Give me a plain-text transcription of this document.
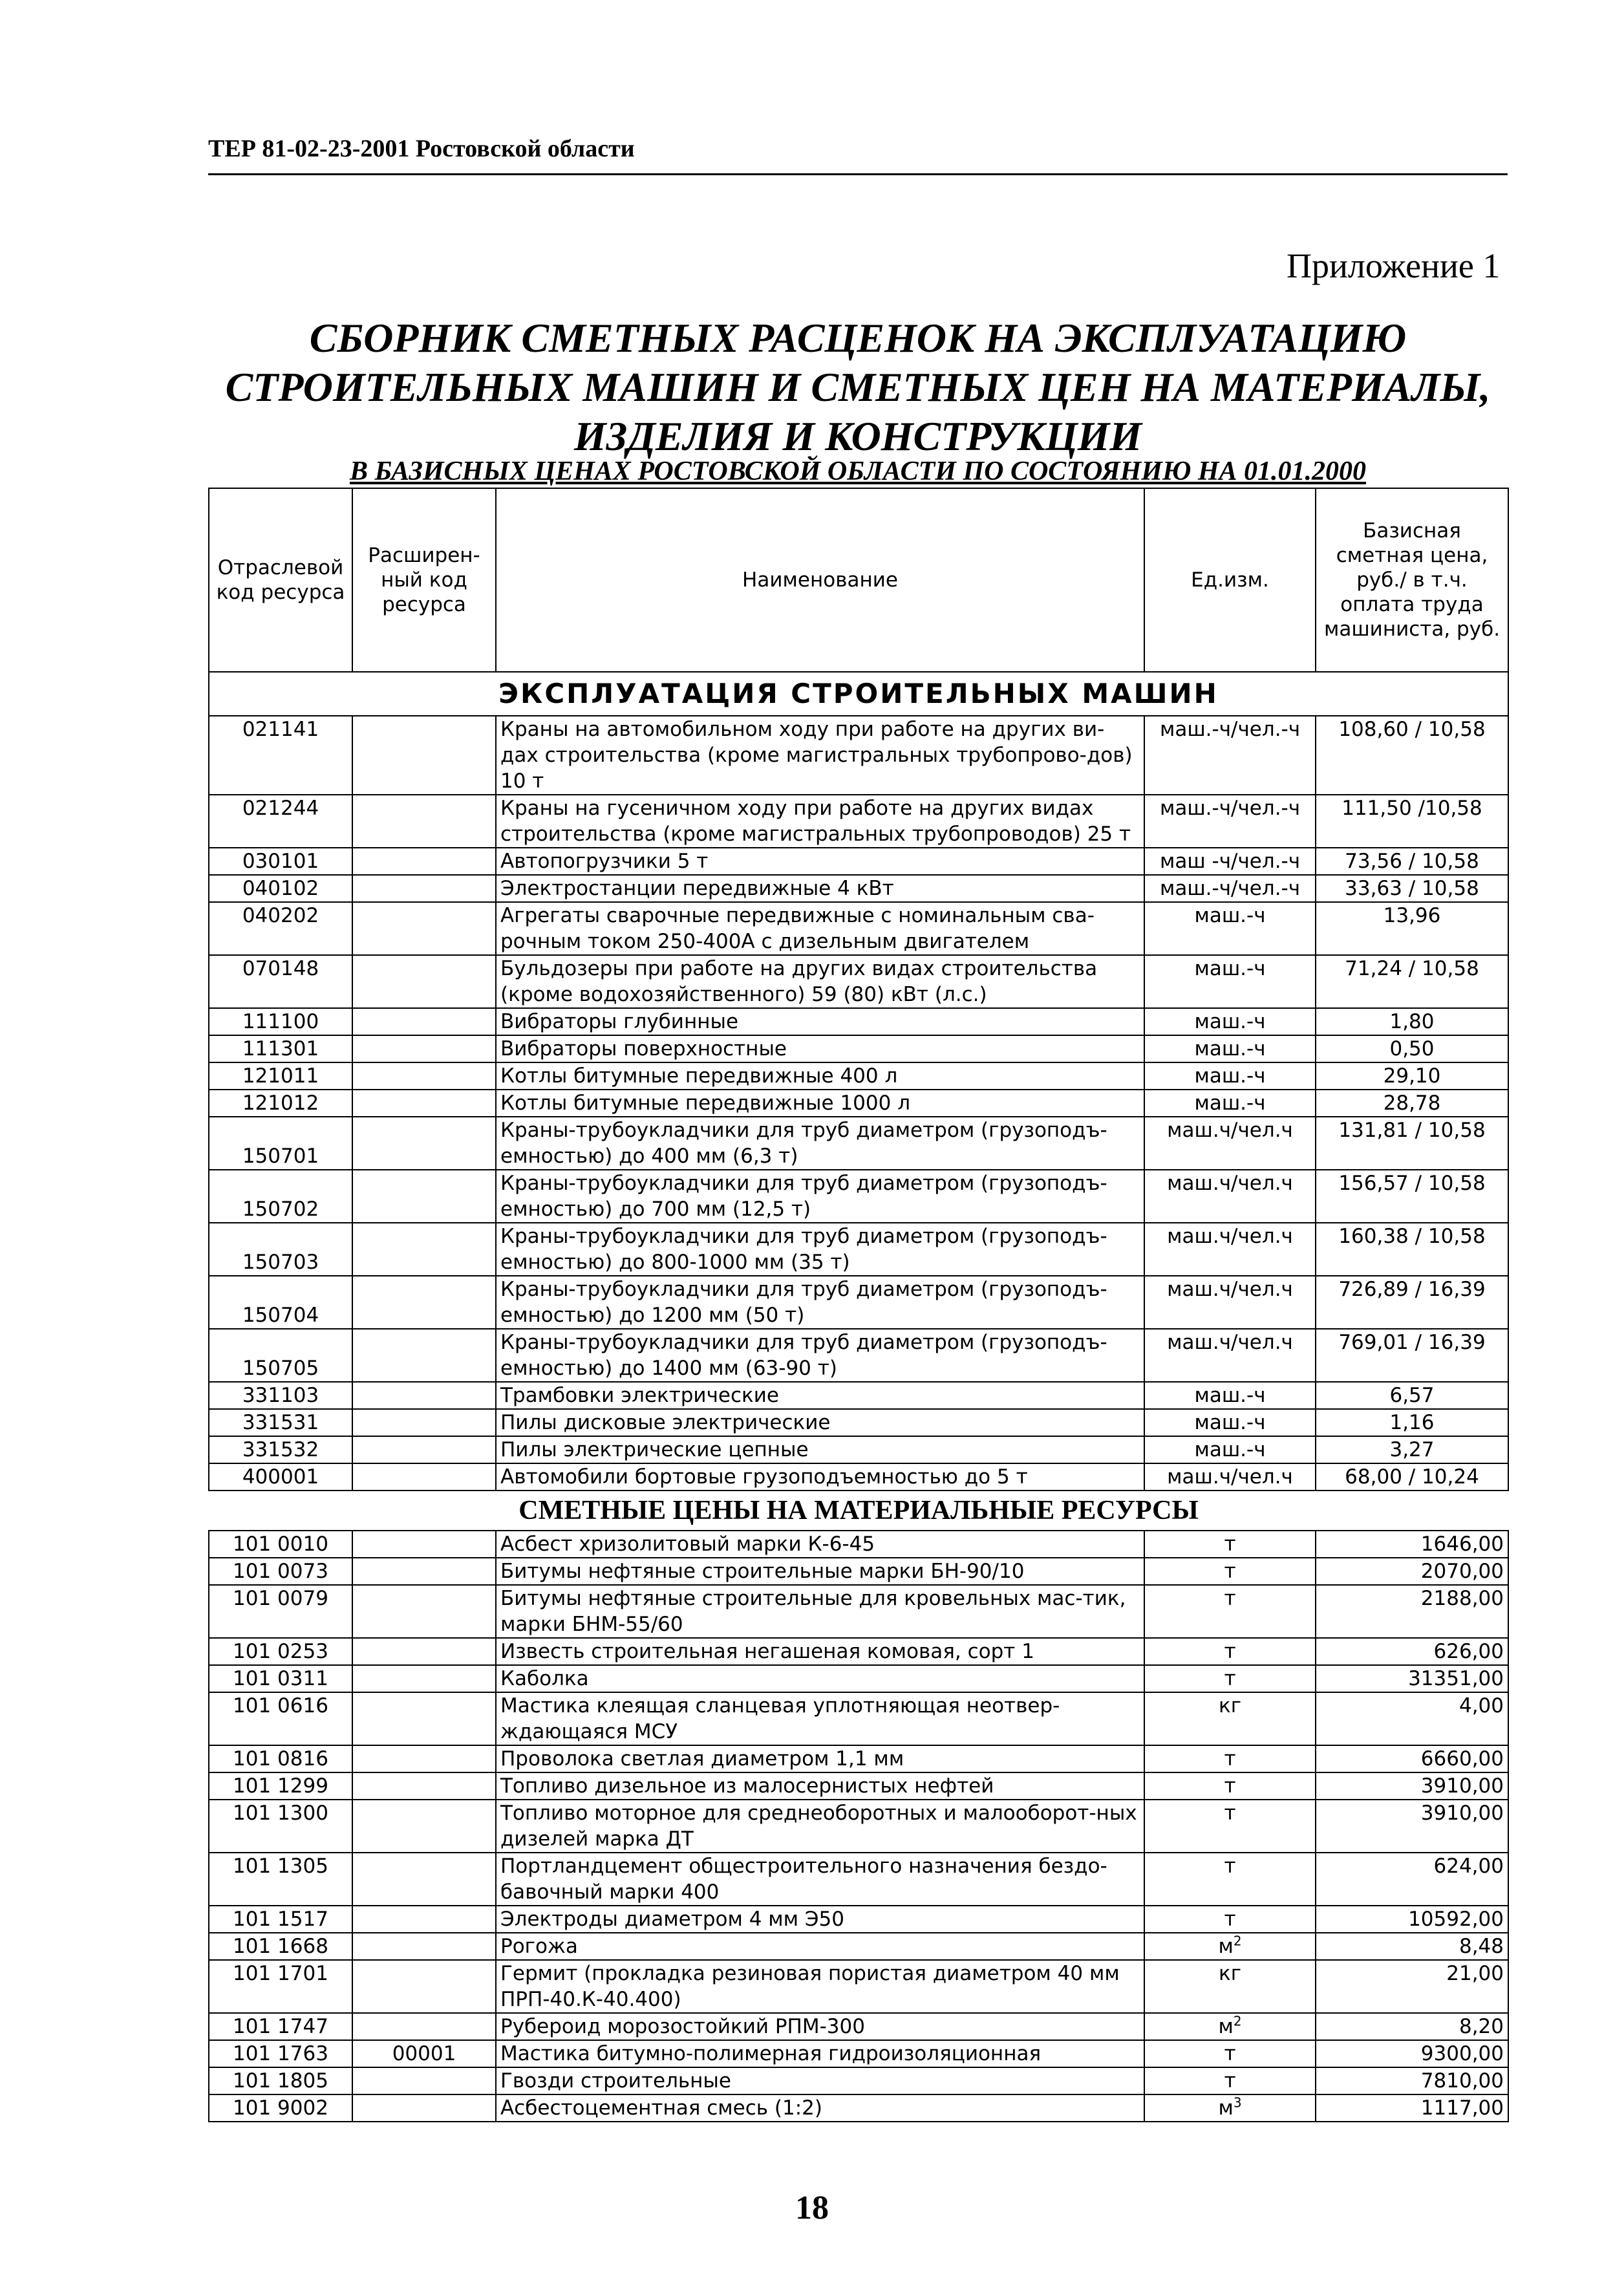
ТЕР 81-02-23-2001 Ростовской области
Приложение 1
СБОРНИК СМЕТНЫХ РАСЦЕНОК НА ЭКСПЛУАТАЦИЮ
СТРОИТЕЛЬНЫХ МАШИН И СМЕТНЫХ ЦЕН НА МАТЕРИАЛЫ,
ИЗДЕЛИЯ И КОНСТРУКЦИИ
В БАЗИСНЫХ ЦЕНАХ РОСТОВСКОЙ ОБЛАСТИ ПО СОСТОЯНИЮ НА 01.01.2000
Отраслевой код ресурса	Расширен-ный код ресурса	Наименование	Ед.изм.	Базисная сметная цена, руб./ в т.ч. оплата труда машиниста, руб.
ЭКСПЛУАТАЦИЯ СТРОИТЕЛЬНЫХ МАШИН				
021141		Краны на автомобильном ходу при работе на других ви-дах строительства (кроме магистральных трубопрово-дов) 10 т	маш.-ч/чел.-ч	108,60 / 10,58
021244		Краны на гусеничном ходу при работе на других видах строительства (кроме магистральных трубопроводов) 25 т	маш.-ч/чел.-ч	111,50 /10,58
030101		Автопогрузчики 5 т	маш -ч/чел.-ч	73,56 / 10,58
040102		Электростанции передвижные 4 кВт	маш.-ч/чел.-ч	33,63 / 10,58
040202		Агрегаты сварочные передвижные с номинальным сва-рочным током 250-400А с дизельным двигателем	маш.-ч	13,96
070148		Бульдозеры при работе на других видах строительства (кроме водохозяйственного) 59 (80) кВт (л.с.)	маш.-ч	71,24 / 10,58
111100		Вибраторы глубинные	маш.-ч	1,80
111301		Вибраторы поверхностные	маш.-ч	0,50
121011		Котлы битумные передвижные 400 л	маш.-ч	29,10
121012		Котлы битумные передвижные 1000 л	маш.-ч	28,78
150701		Краны-трубоукладчики для труб диаметром (грузоподъ-емностью) до 400 мм (6,3 т)	маш.ч/чел.ч	131,81 / 10,58
150702		Краны-трубоукладчики для труб диаметром (грузоподъ-емностью) до 700 мм (12,5 т)	маш.ч/чел.ч	156,57 / 10,58
150703		Краны-трубоукладчики для труб диаметром (грузоподъ-емностью) до 800-1000 мм (35 т)	маш.ч/чел.ч	160,38 / 10,58
150704		Краны-трубоукладчики для труб диаметром (грузоподъ-емностью) до 1200 мм (50 т)	маш.ч/чел.ч	726,89 / 16,39
150705		Краны-трубоукладчики для труб диаметром (грузоподъ-емностью) до 1400 мм (63-90 т)	маш.ч/чел.ч	769,01 / 16,39
331103		Трамбовки электрические	маш.-ч	6,57
331531		Пилы дисковые электрические	маш.-ч	1,16
331532		Пилы электрические цепные	маш.-ч	3,27
400001		Автомобили бортовые грузоподъемностью до 5 т	маш.ч/чел.ч	68,00 / 10,24
СМЕТНЫЕ ЦЕНЫ НА МАТЕРИАЛЬНЫЕ РЕСУРСЫ				
101 0010		Асбест хризолитовый марки К-6-45	т	1646,00
101 0073		Битумы нефтяные строительные марки БН-90/10	т	2070,00
101 0079		Битумы нефтяные строительные для кровельных мас-тик, марки БНМ-55/60	т	2188,00
101 0253		Известь строительная негашеная комовая, сорт 1	т	626,00
101 0311		Каболка	т	31351,00
101 0616		Мастика клеящая сланцевая уплотняющая неотвер-ждающаяся МСУ	кг	4,00
101 0816		Проволока светлая диаметром 1,1 мм	т	6660,00
101 1299		Топливо дизельное из малосернистых нефтей	т	3910,00
101 1300		Топливо моторное для среднеоборотных и малооборот-ных дизелей марка ДТ	т	3910,00
101 1305		Портландцемент общестроительного назначения бездо-бавочный марки 400	т	624,00
101 1517		Электроды диаметром 4 мм Э50	т	10592,00
101 1668		Рогожа	$м^2$	8,48
101 1701		Гермит (прокладка резиновая пористая диаметром 40 мм ПРП-40.К-40.400)	кг	21,00
101 1747		Рубероид морозостойкий РПМ-300	$м^2$	8,20
101 1763	00001	Мастика битумно-полимерная гидроизоляционная	т	9300,00
101 1805		Гвозди строительные	т	7810,00
101 9002		Асбестоцементная смесь (1:2)	$м^3$	1117,00
18
